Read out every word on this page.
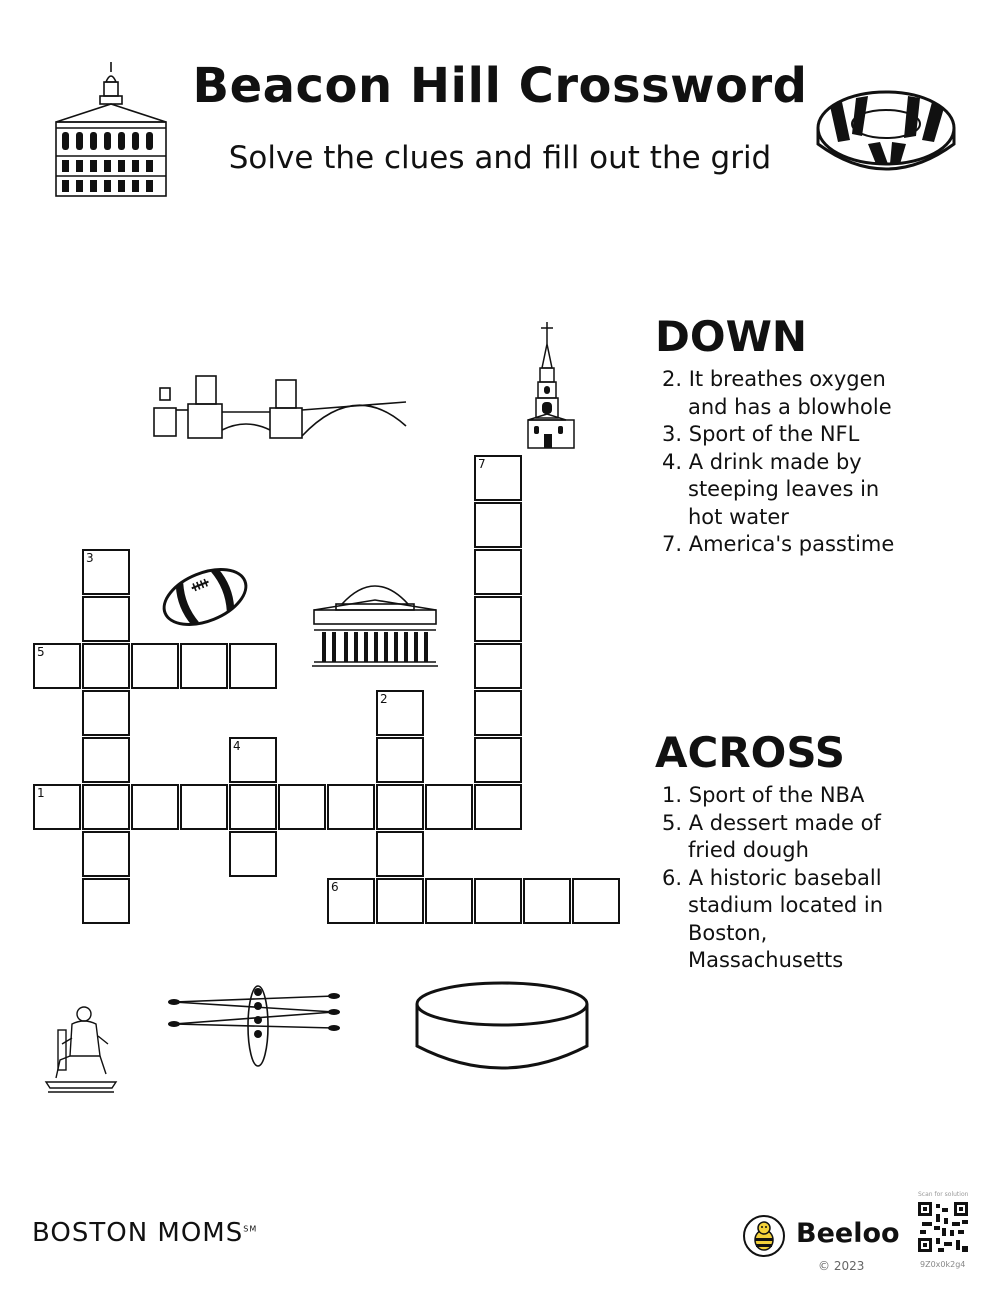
Beacon Hill Crossword
Solve the clues and fill out the grid
3
5
1
4
2
6
7
DOWN
2. It breathes oxygen and has a blowhole
3. Sport of the NFL
4. A drink made by steeping leaves in hot water
7. America's passtime
ACROSS
1. Sport of the NBA
5. A dessert made of fried dough
6. A historic baseball stadium located in Boston, Massachusetts
BOSTON MOMS℠	Beeloo
© 2023
Scan for solution
9Z0x0k2g4
